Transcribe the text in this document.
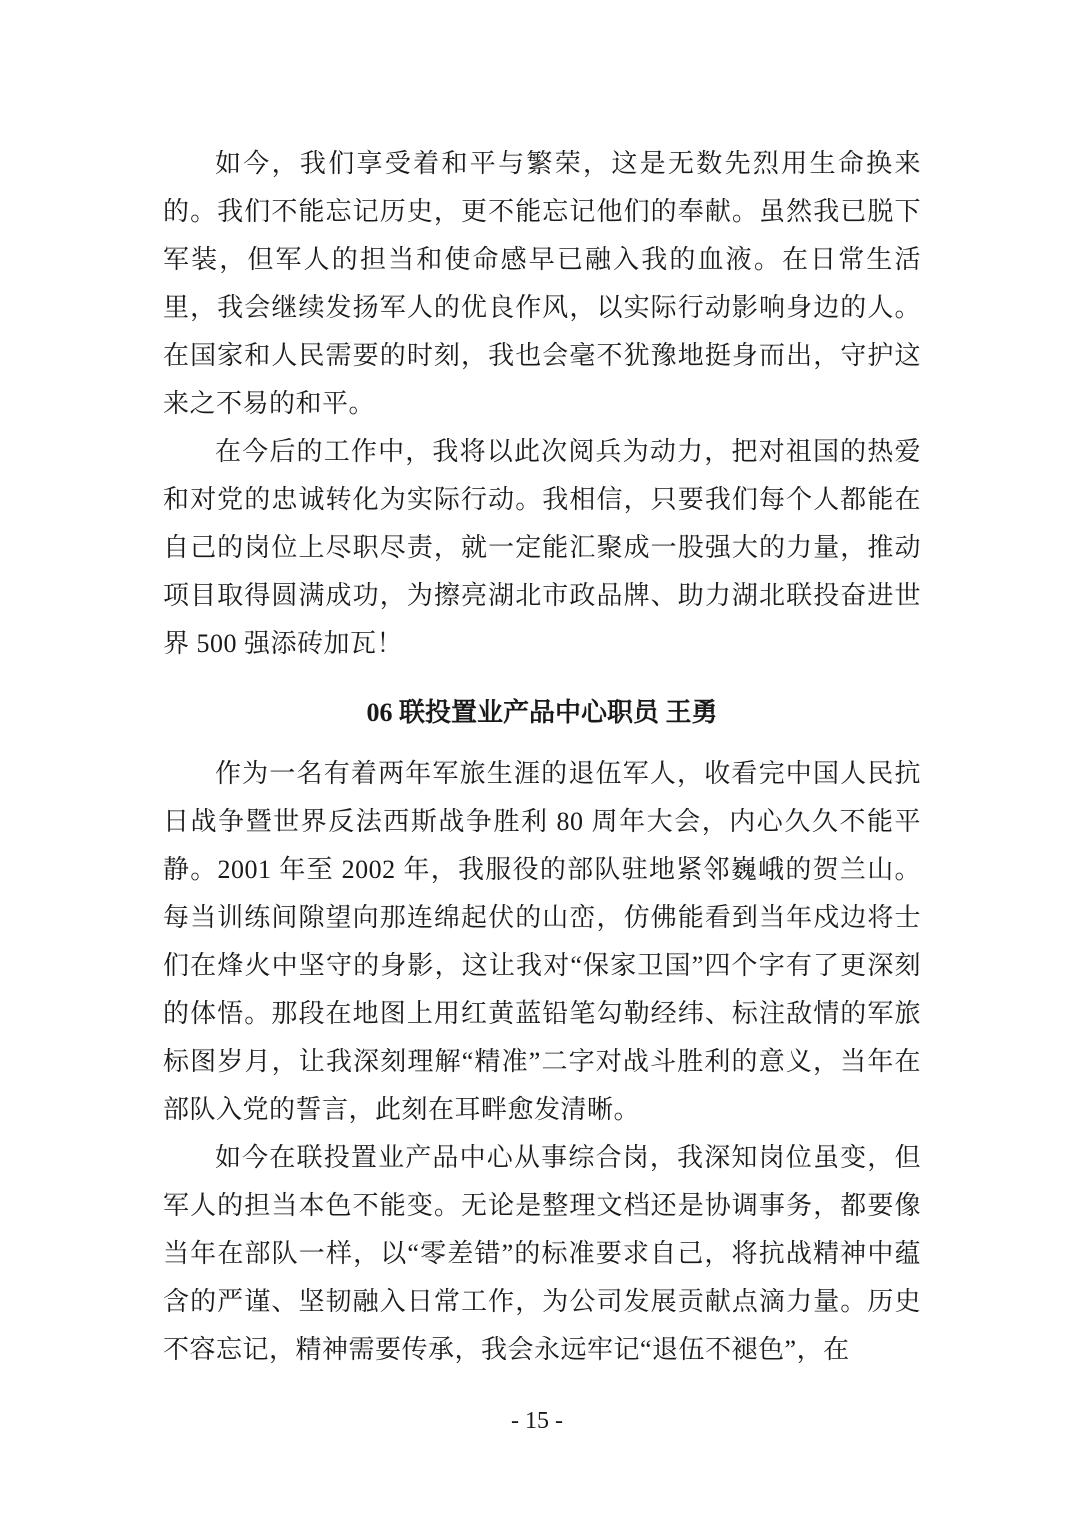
如今，我们享受着和平与繁荣，这是无数先烈用生命换来的。我们不能忘记历史，更不能忘记他们的奉献。虽然我已脱下军装，但军人的担当和使命感早已融入我的血液。在日常生活里，我会继续发扬军人的优良作风，以实际行动影响身边的人。在国家和人民需要的时刻，我也会毫不犹豫地挺身而出，守护这来之不易的和平。

在今后的工作中，我将以此次阅兵为动力，把对祖国的热爱和对党的忠诚转化为实际行动。我相信，只要我们每个人都能在自己的岗位上尽职尽责，就一定能汇聚成一股强大的力量，推动项目取得圆满成功，为擦亮湖北市政品牌、助力湖北联投奋进世界 500 强添砖加瓦！

06 联投置业产品中心职员 王勇

作为一名有着两年军旅生涯的退伍军人，收看完中国人民抗日战争暨世界反法西斯战争胜利 80 周年大会，内心久久不能平静。2001 年至 2002 年，我服役的部队驻地紧邻巍峨的贺兰山。每当训练间隙望向那连绵起伏的山峦，仿佛能看到当年戍边将士们在烽火中坚守的身影，这让我对“保家卫国”四个字有了更深刻的体悟。那段在地图上用红黄蓝铅笔勾勒经纬、标注敌情的军旅标图岁月，让我深刻理解“精准”二字对战斗胜利的意义，当年在部队入党的誓言，此刻在耳畔愈发清晰。

如今在联投置业产品中心从事综合岗，我深知岗位虽变，但军人的担当本色不能变。无论是整理文档还是协调事务，都要像当年在部队一样，以“零差错”的标准要求自己，将抗战精神中蕴含的严谨、坚韧融入日常工作，为公司发展贡献点滴力量。历史不容忘记，精神需要传承，我会永远牢记“退伍不褪色”，在

- 15 -
